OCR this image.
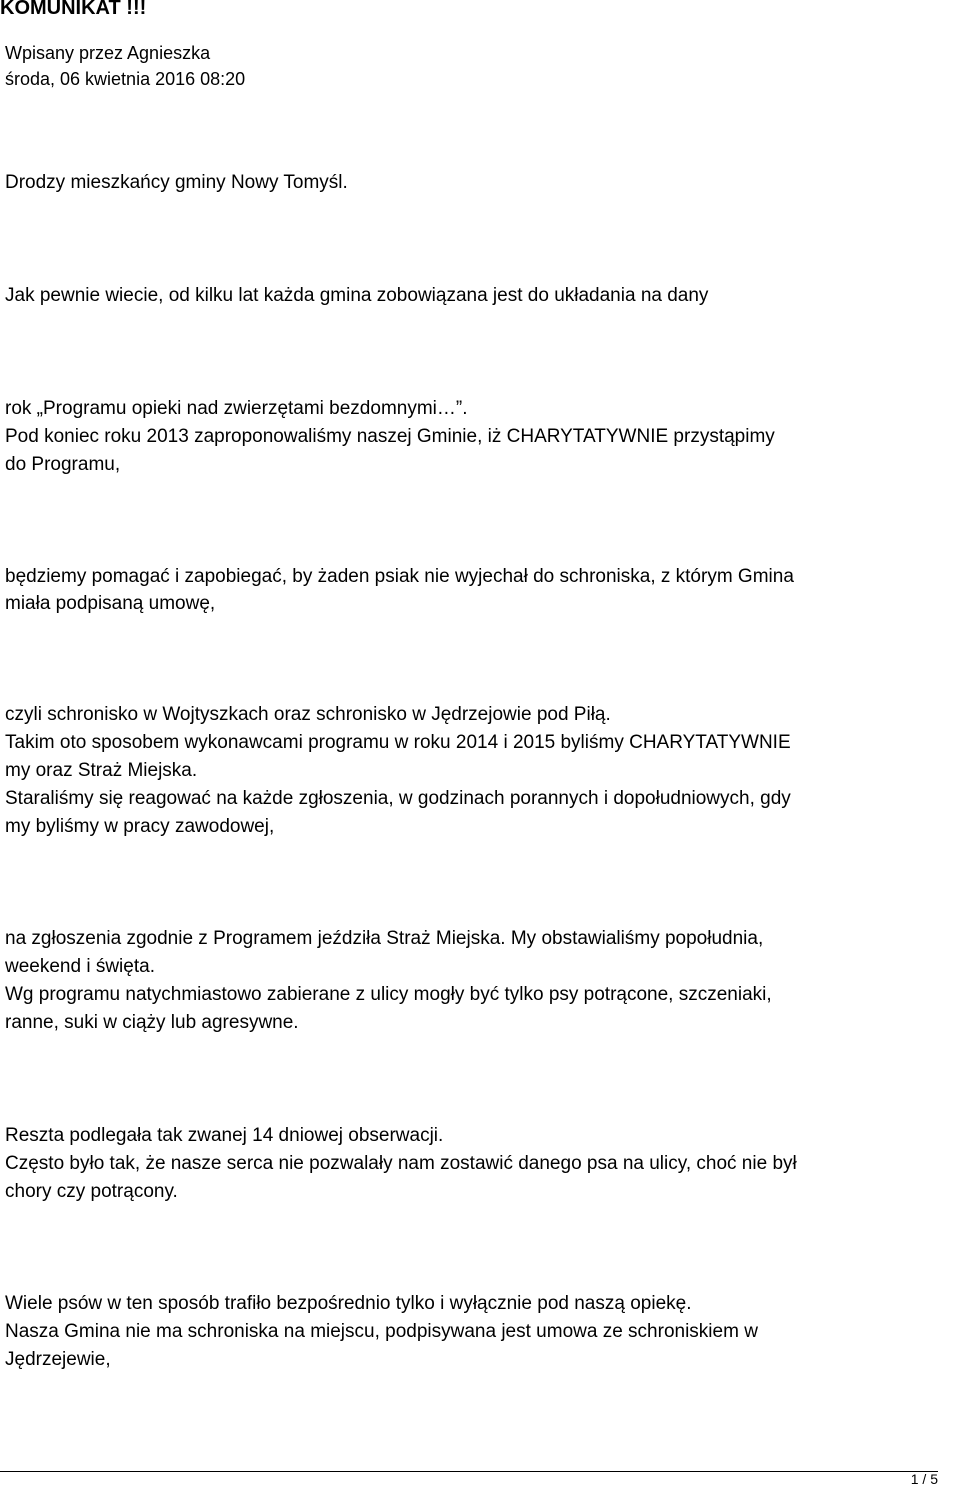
KOMUNIKAT !!!
Wpisany przez Agnieszka
środa, 06 kwietnia 2016 08:20
Drodzy mieszkańcy gminy Nowy Tomyśl.
Jak pewnie wiecie, od kilku lat każda gmina zobowiązana jest do układania na dany
rok „Programu opieki nad zwierzętami bezdomnymi…”.
Pod koniec roku 2013 zaproponowaliśmy naszej Gminie, iż CHARYTATYWNIE przystąpimy
do Programu,
będziemy pomagać i zapobiegać, by żaden psiak nie wyjechał do schroniska, z którym Gmina
miała podpisaną umowę,
czyli schronisko w Wojtyszkach oraz schronisko w Jędrzejowie pod Piłą.
Takim oto sposobem wykonawcami programu w roku 2014 i 2015 byliśmy CHARYTATYWNIE
my oraz Straż Miejska.
Staraliśmy się reagować na każde zgłoszenia, w godzinach porannych i dopołudniowych, gdy
my byliśmy w pracy zawodowej,
na zgłoszenia zgodnie z Programem jeździła Straż Miejska. My obstawialiśmy popołudnia,
weekend i święta.
Wg programu natychmiastowo zabierane z ulicy mogły być tylko psy potrącone, szczeniaki,
ranne, suki w ciąży lub agresywne.
Reszta podlegała tak zwanej 14 dniowej obserwacji.
Często było tak, że nasze serca nie pozwalały nam zostawić danego psa na ulicy, choć nie był
chory czy potrącony.
Wiele psów w ten sposób trafiło bezpośrednio tylko i wyłącznie pod naszą opiekę.
Nasza Gmina nie ma schroniska na miejscu, podpisywana jest umowa ze schroniskiem w
Jędrzejewie,
1 / 5
